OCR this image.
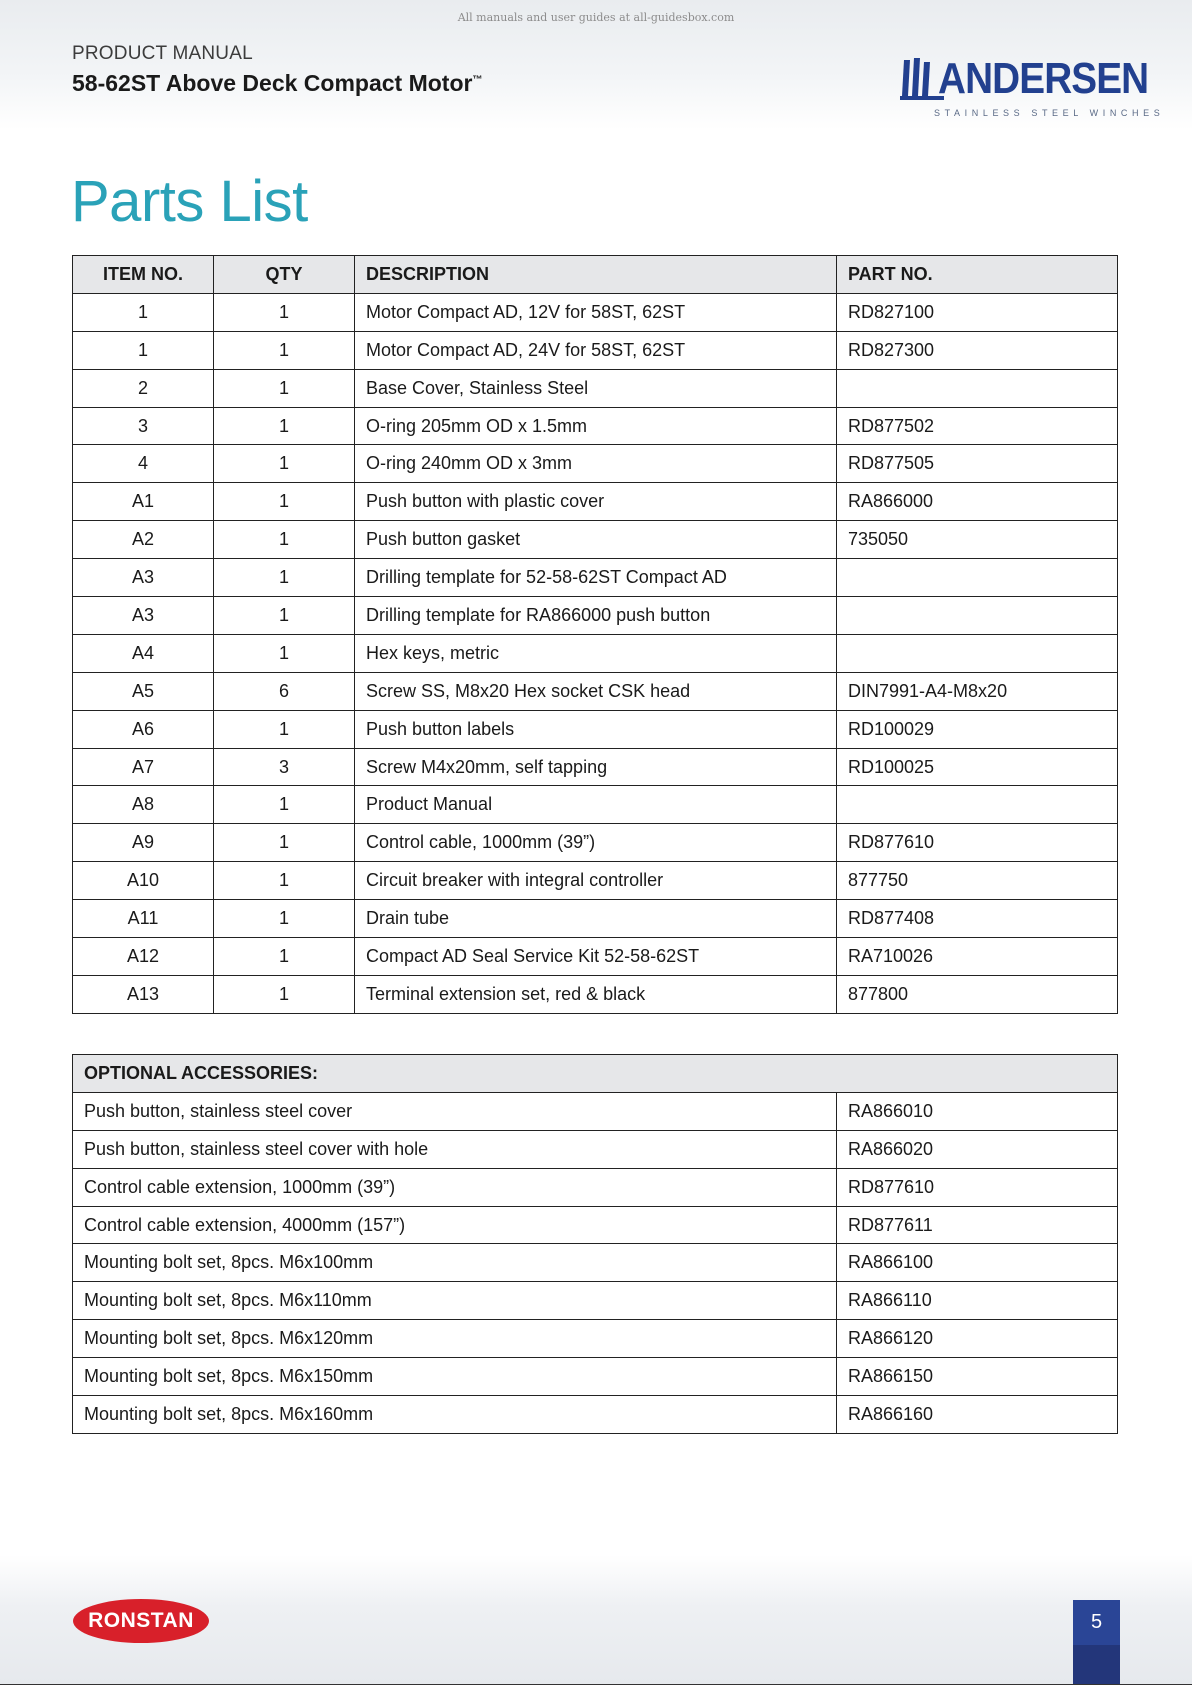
All manuals and user guides at all-guidesbox.com
PRODUCT MANUAL
58-62ST Above Deck Compact Motor™	ANDERSEN
STAINLESS STEEL WINCHES
Parts List
ITEM NO.	QTY	DESCRIPTION	PART NO.
1	1	Motor Compact AD, 12V for 58ST, 62ST	RD827100
1	1	Motor Compact AD, 24V for 58ST, 62ST	RD827300
2	1	Base Cover, Stainless Steel	
3	1	O-ring 205mm OD x 1.5mm	RD877502
4	1	O-ring 240mm OD x 3mm	RD877505
A1	1	Push button with plastic cover	RA866000
A2	1	Push button gasket	735050
A3	1	Drilling template for 52-58-62ST Compact AD	
A3	1	Drilling template for RA866000 push button	
A4	1	Hex keys, metric	
A5	6	Screw SS, M8x20 Hex socket CSK head	DIN7991-A4-M8x20
A6	1	Push button labels	RD100029
A7	3	Screw M4x20mm, self tapping	RD100025
A8	1	Product Manual	
A9	1	Control cable, 1000mm (39”)	RD877610
A10	1	Circuit breaker with integral controller	877750
A11	1	Drain tube	RD877408
A12	1	Compact AD Seal Service Kit 52-58-62ST	RA710026
A13	1	Terminal extension set, red & black	877800
OPTIONAL ACCESSORIES:	
Push button, stainless steel cover	RA866010
Push button, stainless steel cover with hole	RA866020
Control cable extension, 1000mm (39”)	RD877610
Control cable extension, 4000mm (157”)	RD877611
Mounting bolt set, 8pcs. M6x100mm	RA866100
Mounting bolt set, 8pcs. M6x110mm	RA866110
Mounting bolt set, 8pcs. M6x120mm	RA866120
Mounting bolt set, 8pcs. M6x150mm	RA866150
Mounting bolt set, 8pcs. M6x160mm	RA866160
RONSTAN	5
